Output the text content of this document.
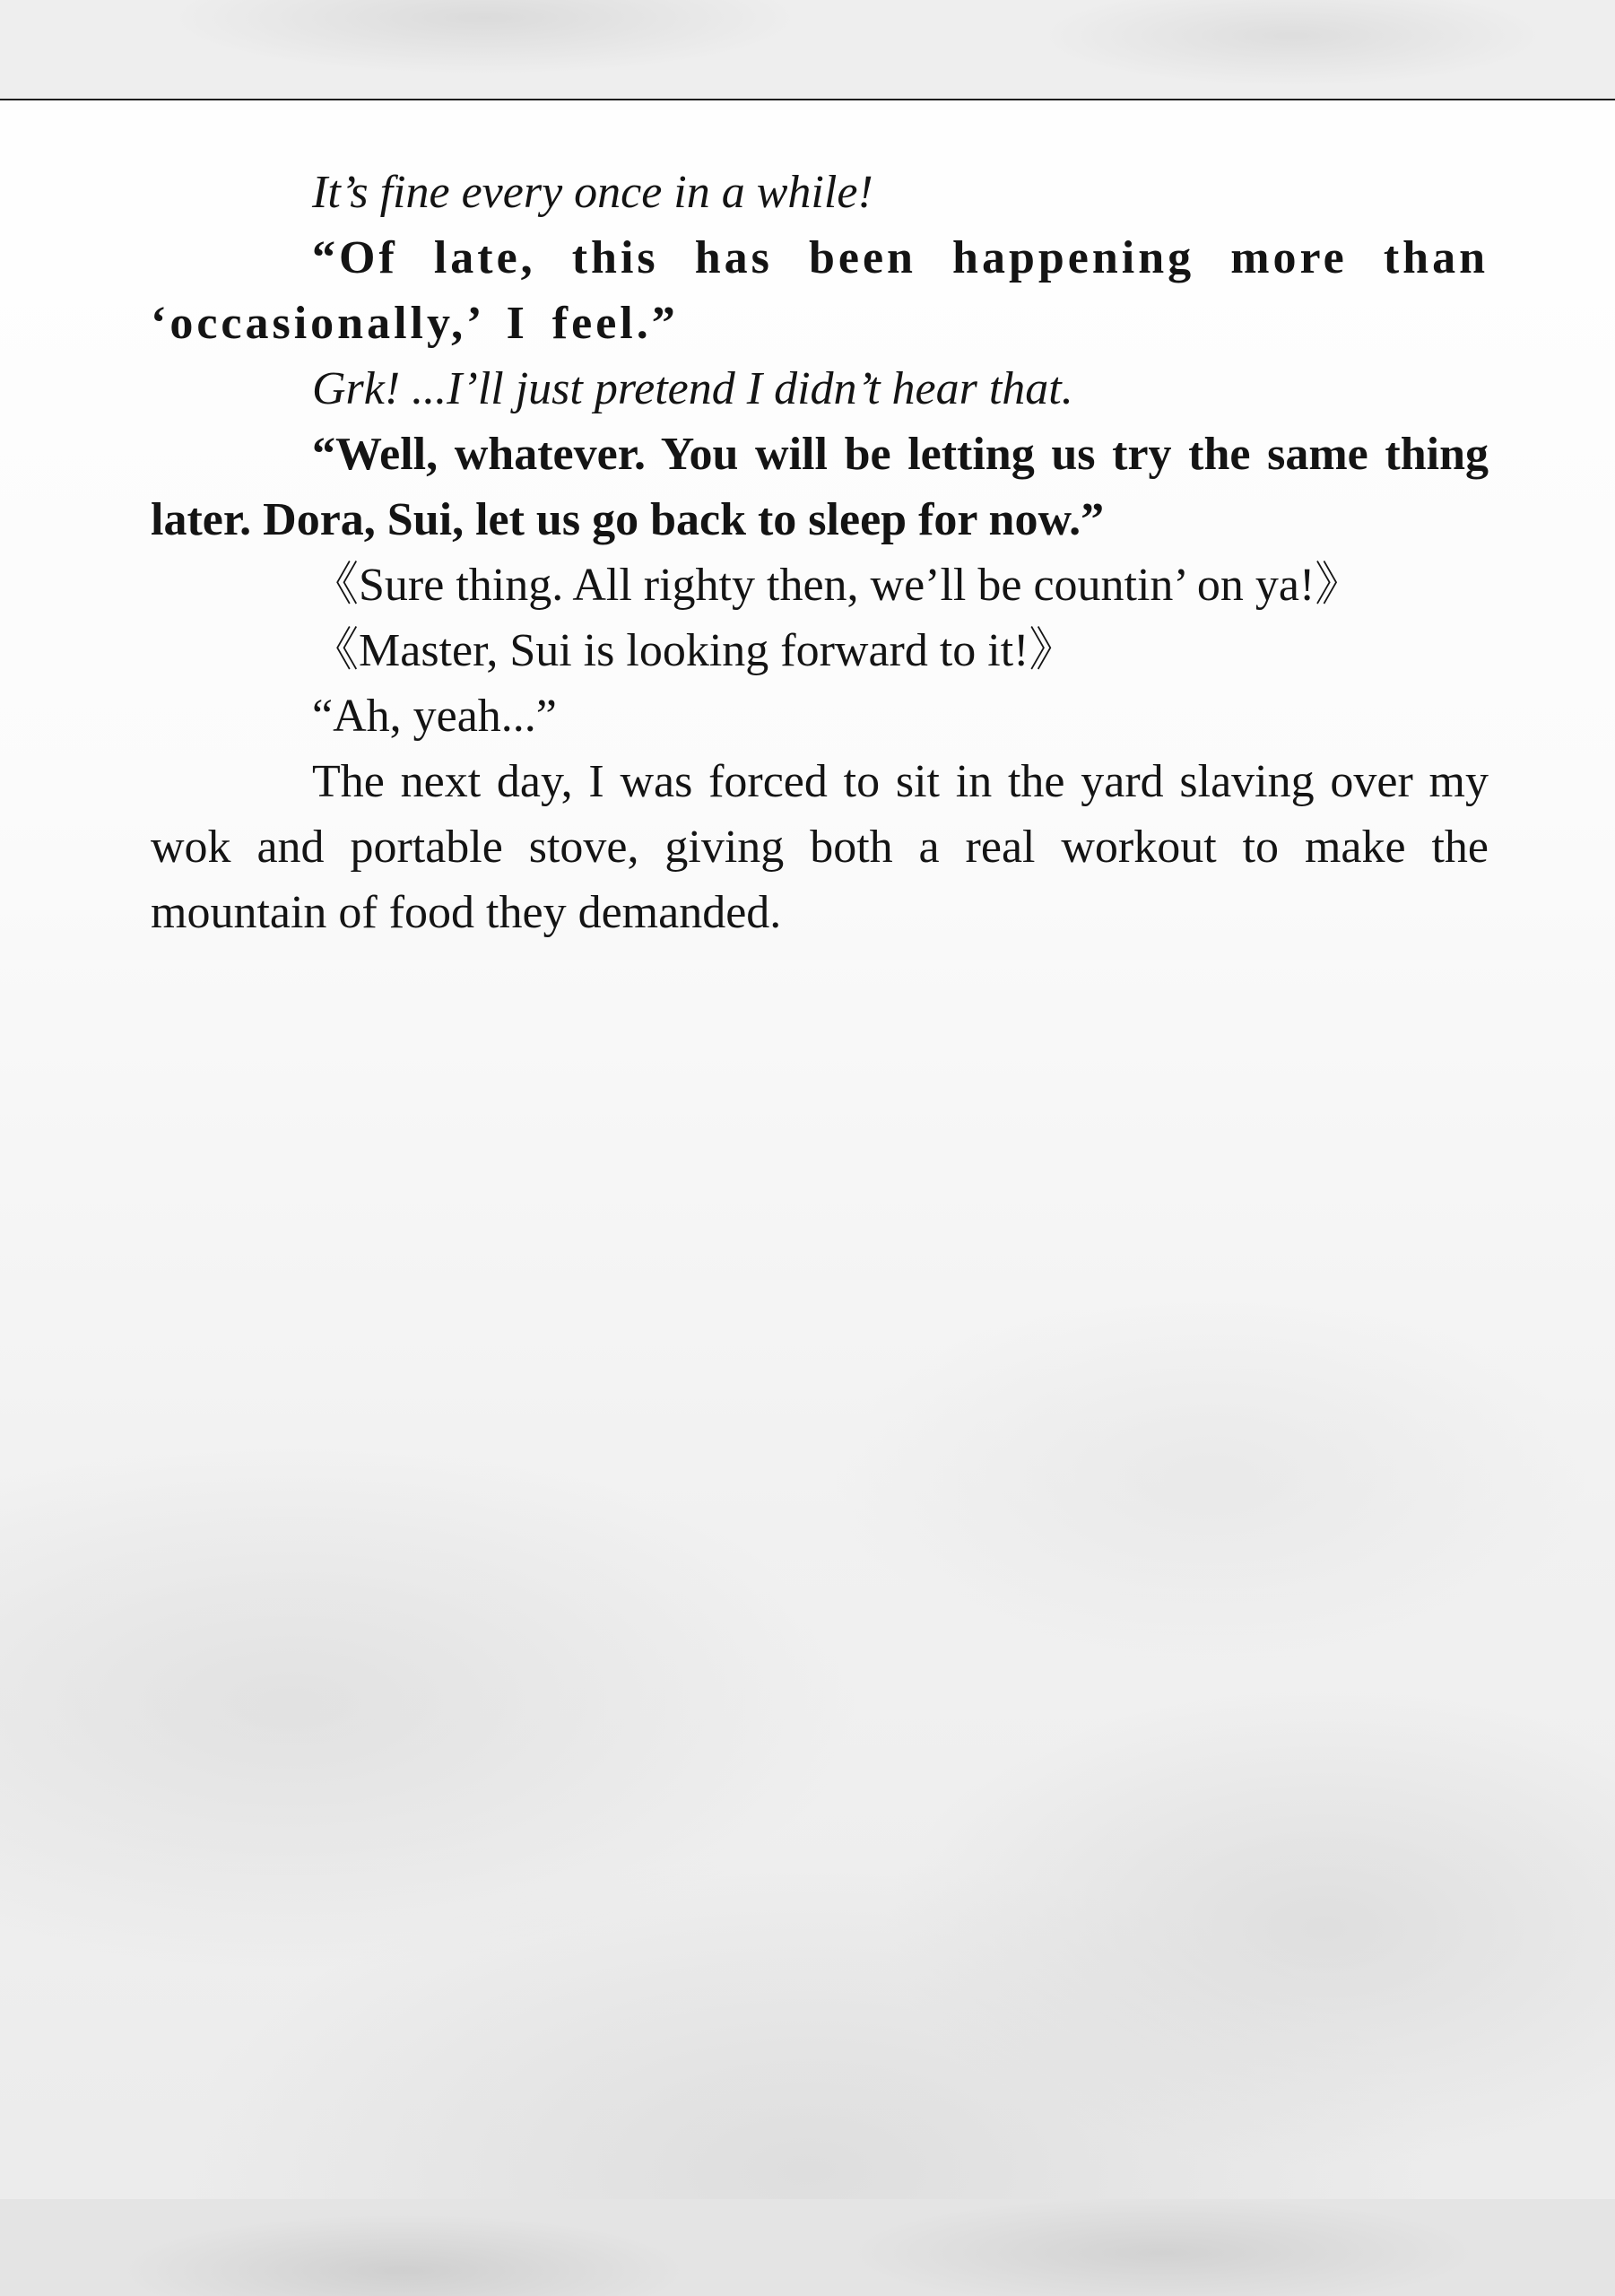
It’s fine every once in a while!

“Of late, this has been happening more than ‘occasionally,’ I feel.”

Grk! ...I’ll just pretend I didn’t hear that.

“Well, whatever. You will be letting us try the same thing later. Dora, Sui, let us go back to sleep for now.”

《Sure thing. All righty then, we’ll be countin’ on ya!》

《Master, Sui is looking forward to it!》

“Ah, yeah...”

The next day, I was forced to sit in the yard slaving over my wok and portable stove, giving both a real workout to make the mountain of food they demanded.
